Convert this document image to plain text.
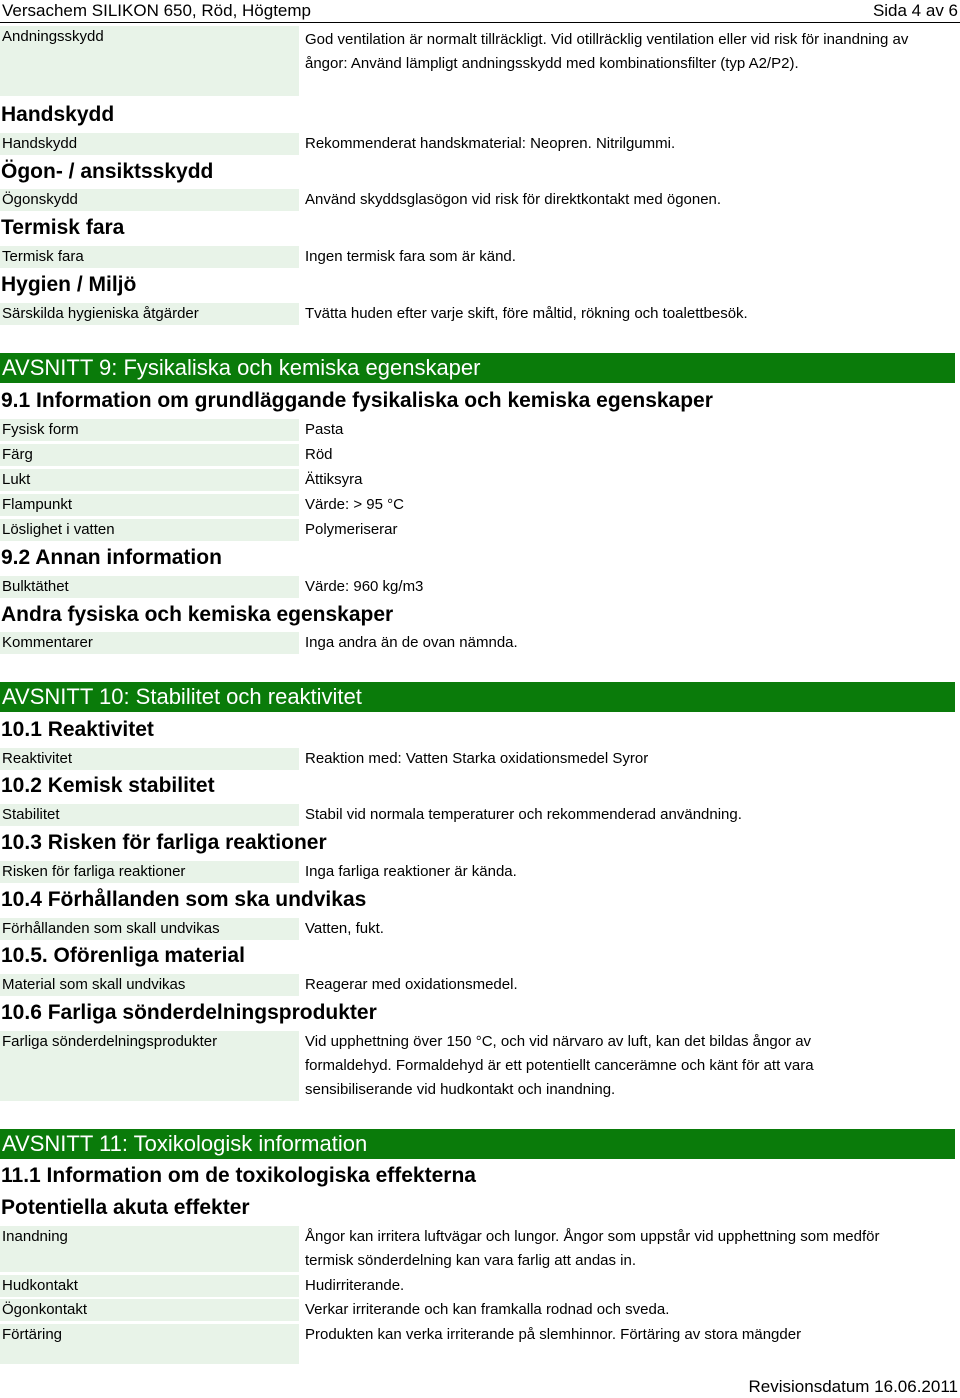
Versachem SILIKON 650, Röd, Högtemp	Sida 4 av 6
Andningsskydd	God ventilation är normalt tillräckligt. Vid otillräcklig ventilation eller vid risk för inandning av ångor: Använd lämpligt andningsskydd med kombinationsfilter (typ A2/P2).
Handskydd
Handskydd	Rekommenderat handskmaterial: Neopren. Nitrilgummi.
Ögon- / ansiktsskydd
Ögonskydd	Använd skyddsglasögon vid risk för direktkontakt med ögonen.
Termisk fara
Termisk fara	Ingen termisk fara som är känd.
Hygien / Miljö
Särskilda hygieniska åtgärder	Tvätta huden efter varje skift, före måltid, rökning och toalettbesök.
AVSNITT 9: Fysikaliska och kemiska egenskaper
9.1 Information om grundläggande fysikaliska och kemiska egenskaper
Fysisk form	Pasta
Färg	Röd
Lukt	Ättiksyra
Flampunkt	Värde: > 95 °C
Löslighet i vatten	Polymeriserar
9.2 Annan information
Bulktäthet	Värde: 960 kg/m3
Andra fysiska och kemiska egenskaper
Kommentarer	Inga andra än de ovan nämnda.
AVSNITT 10: Stabilitet och reaktivitet
10.1 Reaktivitet
Reaktivitet	Reaktion med: Vatten Starka oxidationsmedel Syror
10.2 Kemisk stabilitet
Stabilitet	Stabil vid normala temperaturer och rekommenderad användning.
10.3 Risken för farliga reaktioner
Risken för farliga reaktioner	Inga farliga reaktioner är kända.
10.4 Förhållanden som ska undvikas
Förhållanden som skall undvikas	Vatten, fukt.
10.5. Oförenliga material
Material som skall undvikas	Reagerar med oxidationsmedel.
10.6 Farliga sönderdelningsprodukter
Farliga sönderdelningsprodukter	Vid upphettning över 150 °C, och vid närvaro av luft, kan det bildas ångor av formaldehyd. Formaldehyd är ett potentiellt cancerämne och känt för att vara sensibiliserande vid hudkontakt och inandning.
AVSNITT 11: Toxikologisk information
11.1 Information om de toxikologiska effekterna
Potentiella akuta effekter
Inandning	Ångor kan irritera luftvägar och lungor. Ångor som uppstår vid upphettning som medför termisk sönderdelning kan vara farlig att andas in.
Hudkontakt	Hudirriterande.
Ögonkontakt	Verkar irriterande och kan framkalla rodnad och sveda.
Förtäring	Produkten kan verka irriterande på slemhinnor. Förtäring av stora mängder
Revisionsdatum 16.06.2011
